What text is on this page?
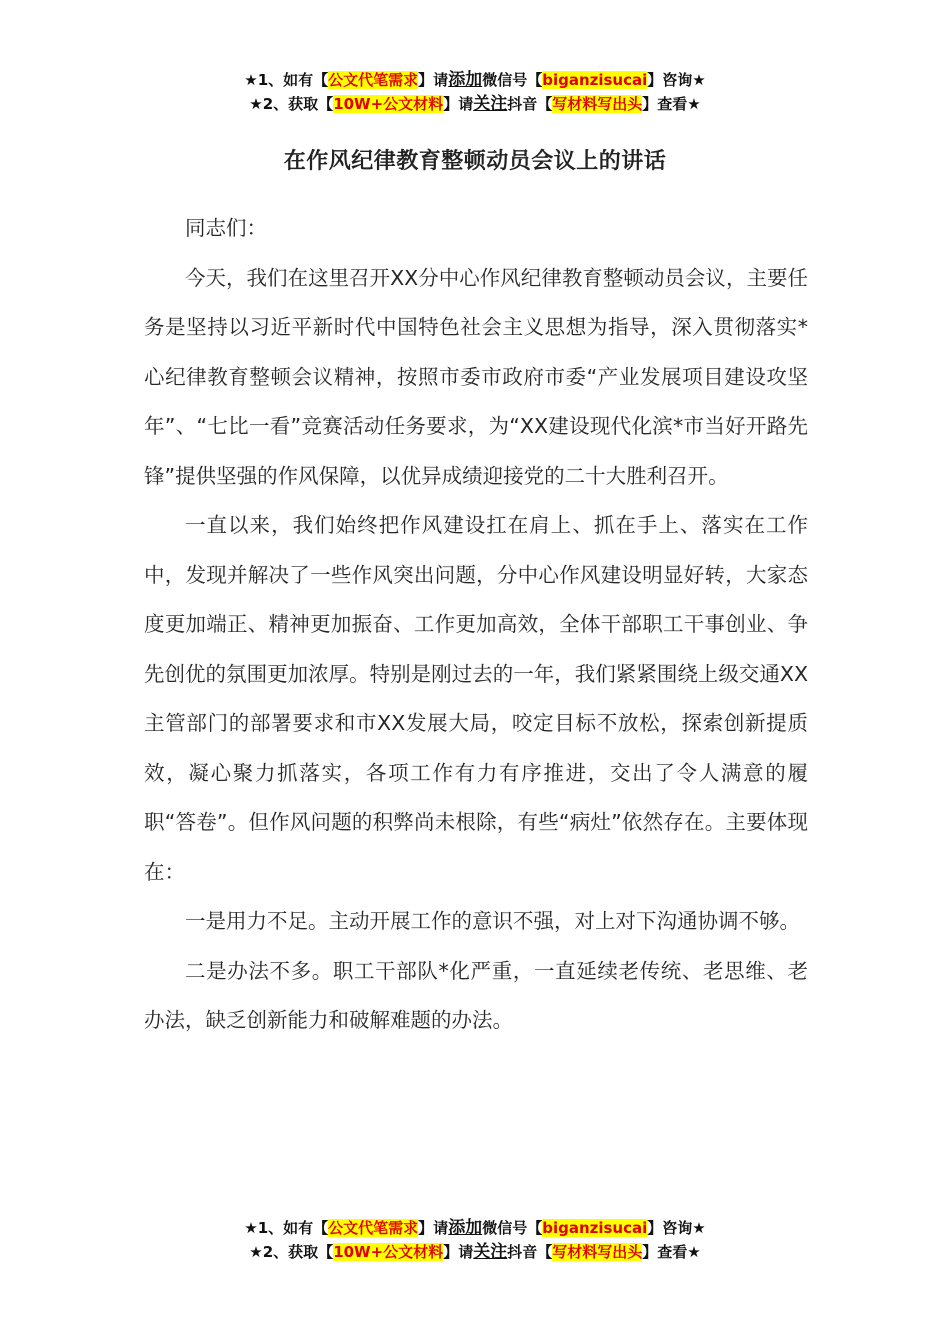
★1、如有【公文代笔需求】请添加微信号【biganzisucai】咨询★
★2、获取【10W+公文材料】请关注抖音【写材料写出头】查看★
在作风纪律教育整顿动员会议上的讲话

同志们：

今天，我们在这里召开XX分中心作风纪律教育整顿动员会议，主要任务是坚持以习近平新时代中国特色社会主义思想为指导，深入贯彻落实*心纪律教育整顿会议精神，按照市委市政府市委“产业发展项目建设攻坚年”、“七比一看”竞赛活动任务要求，为“XX建设现代化滨*市当好开路先锋”提供坚强的作风保障，以优异成绩迎接党的二十大胜利召开。

一直以来，我们始终把作风建设扛在肩上、抓在手上、落实在工作中，发现并解决了一些作风突出问题，分中心作风建设明显好转，大家态度更加端正、精神更加振奋、工作更加高效，全体干部职工干事创业、争先创优的氛围更加浓厚。特别是刚过去的一年，我们紧紧围绕上级交通XX主管部门的部署要求和市XX发展大局，咬定目标不放松，探索创新提质效，凝心聚力抓落实，各项工作有力有序推进，交出了令人满意的履职“答卷”。但作风问题的积弊尚未根除，有些“病灶”依然存在。主要体现在：

一是用力不足。主动开展工作的意识不强，对上对下沟通协调不够。

二是办法不多。职工干部队*化严重，一直延续老传统、老思维、老办法，缺乏创新能力和破解难题的办法。

★1、如有【公文代笔需求】请添加微信号【biganzisucai】咨询★
★2、获取【10W+公文材料】请关注抖音【写材料写出头】查看★
